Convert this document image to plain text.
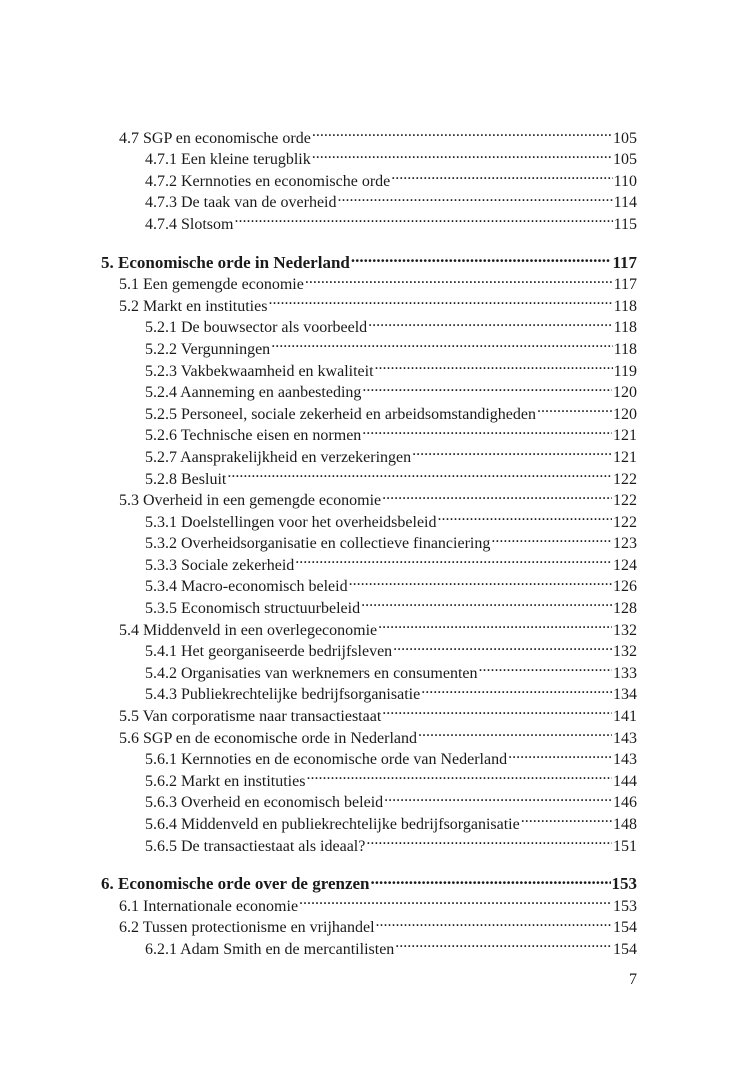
4.7 SGP en economische orde .....	105
4.7.1 Een kleine terugblik .....	105
4.7.2 Kernnoties en economische orde .....	110
4.7.3 De taak van de overheid .....	114
4.7.4 Slotsom .....	115
5. Economische orde in Nederland .....	117
5.1 Een gemengde economie .....	117
5.2 Markt en instituties .....	118
5.2.1 De bouwsector als voorbeeld .....	118
5.2.2 Vergunningen .....	118
5.2.3 Vakbekwaamheid en kwaliteit .....	119
5.2.4 Aanneming en aanbesteding .....	120
5.2.5 Personeel, sociale zekerheid en arbeidsomstandigheden .....	120
5.2.6 Technische eisen en normen .....	121
5.2.7 Aansprakelijkheid en verzekeringen .....	121
5.2.8 Besluit .....	122
5.3 Overheid in een gemengde economie .....	122
5.3.1 Doelstellingen voor het overheidsbeleid .....	122
5.3.2 Overheidsorganisatie en collectieve financiering .....	123
5.3.3 Sociale zekerheid .....	124
5.3.4 Macro-economisch beleid .....	126
5.3.5 Economisch structuurbeleid .....	128
5.4 Middenveld in een overlegeconomie .....	132
5.4.1 Het georganiseerde bedrijfsleven .....	132
5.4.2 Organisaties van werknemers en consumenten .....	133
5.4.3 Publiekrechtelijke bedrijfsorganisatie .....	134
5.5 Van corporatisme naar transactiestaat .....	141
5.6 SGP en de economische orde in Nederland .....	143
5.6.1 Kernnoties en de economische orde van Nederland .....	143
5.6.2 Markt en instituties .....	144
5.6.3 Overheid en economisch beleid .....	146
5.6.4 Middenveld en publiekrechtelijke bedrijfsorganisatie .....	148
5.6.5 De transactiestaat als ideaal? .....	151
6. Economische orde over de grenzen .....	153
6.1 Internationale economie .....	153
6.2 Tussen protectionisme en vrijhandel .....	154
6.2.1 Adam Smith en de mercantilisten .....	154
7
